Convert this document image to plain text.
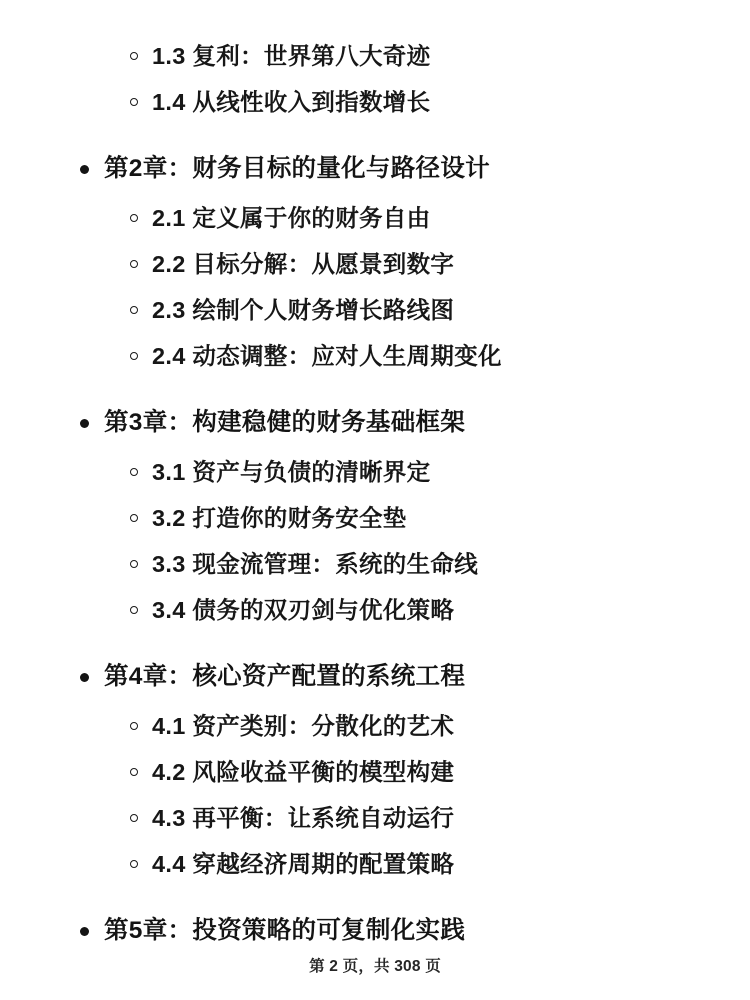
1.3 复利：世界第八大奇迹
1.4 从线性收入到指数增长
第2章：财务目标的量化与路径设计
2.1 定义属于你的财务自由
2.2 目标分解：从愿景到数字
2.3 绘制个人财务增长路线图
2.4 动态调整：应对人生周期变化
第3章：构建稳健的财务基础框架
3.1 资产与负债的清晰界定
3.2 打造你的财务安全垫
3.3 现金流管理：系统的生命线
3.4 债务的双刃剑与优化策略
第4章：核心资产配置的系统工程
4.1 资产类别：分散化的艺术
4.2 风险收益平衡的模型构建
4.3 再平衡：让系统自动运行
4.4 穿越经济周期的配置策略
第5章：投资策略的可复制化实践
第 2 页，共 308 页
